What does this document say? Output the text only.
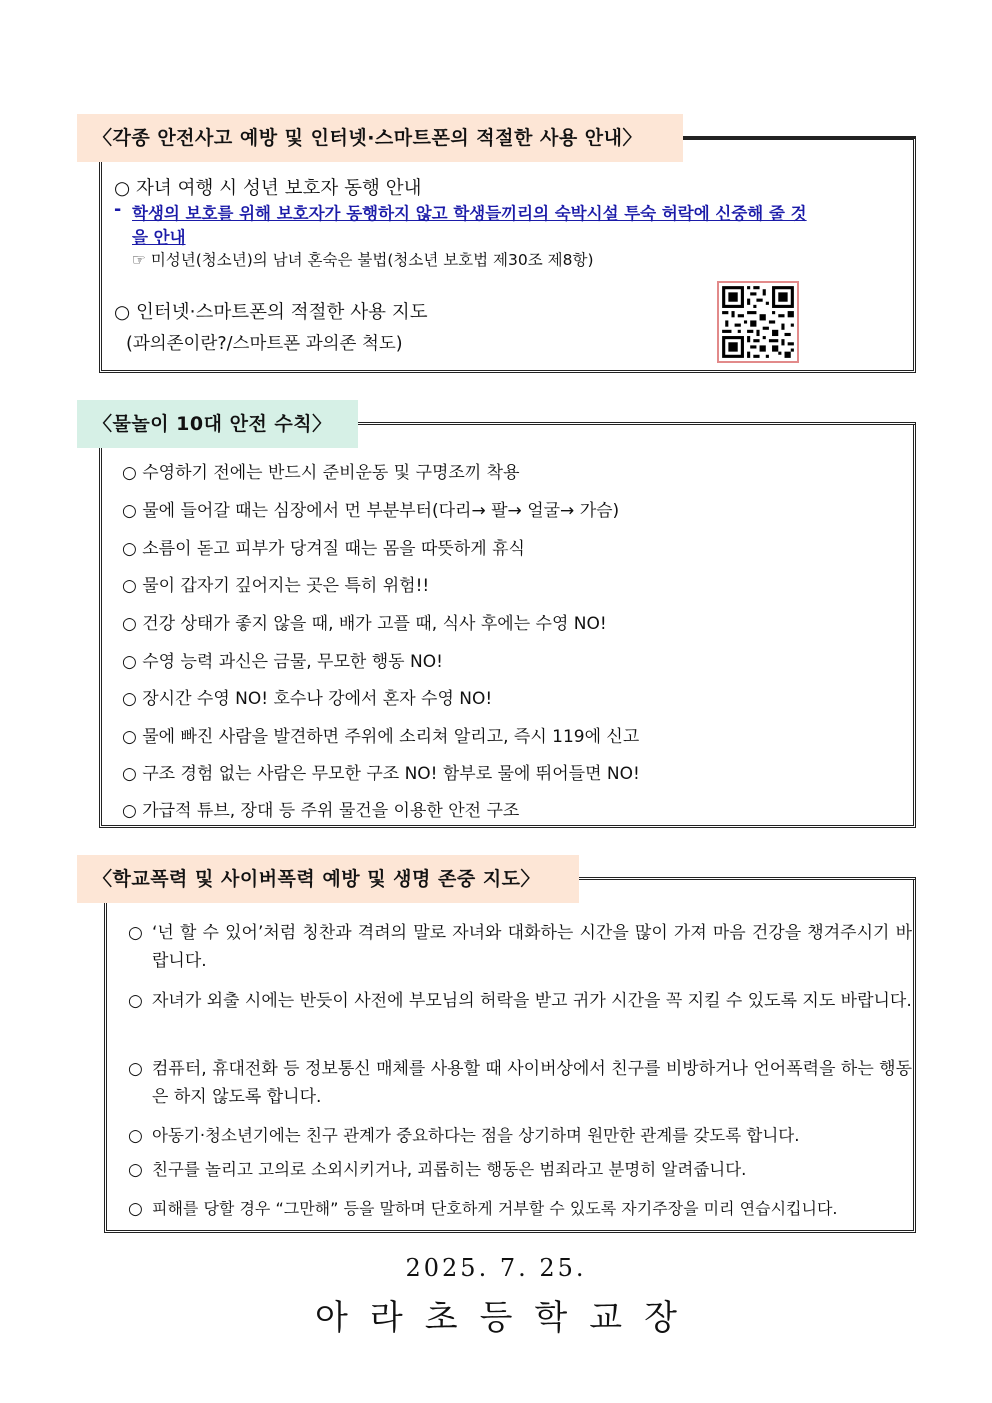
〈각종 안전사고 예방 및 인터넷·스마트폰의 적절한 사용 안내〉
○ 자녀 여행 시 성년 보호자 동행 안내
- 학생의 보호를 위해 보호자가 동행하지 않고 학생들끼리의 숙박시설 투숙 허락에 신중해 줄 것
을 안내
☞ 미성년(청소년)의 남녀 혼숙은 불법(청소년 보호법 제30조 제8항)
○ 인터넷·스마트폰의 적절한 사용 지도
(과의존이란?/스마트폰 과의존 척도)
〈물놀이 10대 안전 수칙〉
○ 수영하기 전에는 반드시 준비운동 및 구명조끼 착용
○ 물에 들어갈 때는 심장에서 먼 부분부터(다리→ 팔→ 얼굴→ 가슴)
○ 소름이 돋고 피부가 당겨질 때는 몸을 따뜻하게 휴식
○ 물이 갑자기 깊어지는 곳은 특히 위험!!
○ 건강 상태가 좋지 않을 때, 배가 고플 때, 식사 후에는 수영 NO!
○ 수영 능력 과신은 금물, 무모한 행동 NO!
○ 장시간 수영 NO! 호수나 강에서 혼자 수영 NO!
○ 물에 빠진 사람을 발견하면 주위에 소리쳐 알리고, 즉시 119에 신고
○ 구조 경험 없는 사람은 무모한 구조 NO! 함부로 물에 뛰어들면 NO!
○ 가급적 튜브, 장대 등 주위 물건을 이용한 안전 구조
〈학교폭력 및 사이버폭력 예방 및 생명 존중 지도〉
○ ‘넌 할 수 있어’처럼 칭찬과 격려의 말로 자녀와 대화하는 시간을 많이 가져 마음 건강을 챙겨주시기 바랍니다.
○ 자녀가 외출 시에는 반듯이 사전에 부모님의 허락을 받고 귀가 시간을 꼭 지킬 수 있도록 지도 바랍니다.
○ 컴퓨터, 휴대전화 등 정보통신 매체를 사용할 때 사이버상에서 친구를 비방하거나 언어폭력을 하는 행동은 하지 않도록 합니다.
○ 아동기·청소년기에는 친구 관계가 중요하다는 점을 상기하며 원만한 관계를 갖도록 합니다.
○ 친구를 놀리고 고의로 소외시키거나, 괴롭히는 행동은 범죄라고 분명히 알려줍니다.
○ 피해를 당할 경우 “그만해” 등을 말하며 단호하게 거부할 수 있도록 자기주장을 미리 연습시킵니다.
2025. 7. 25.
아라초등학교장
